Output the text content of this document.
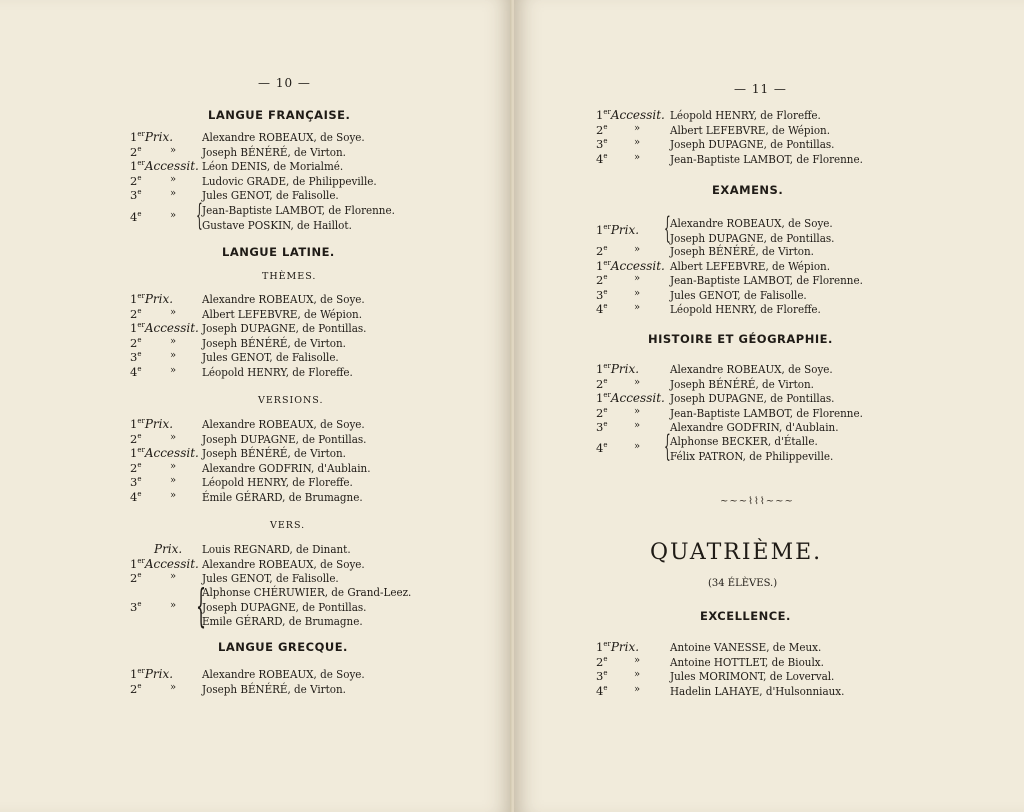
— 10 —
LANGUE FRANÇAISE.
1erPrix.	Alexandre ROBEAUX, de Soye.
2e	» Joseph BÉNÉRÉ, de Virton.
1erAccessit. Léon DENIS, de Morialmé.
2e	» Ludovic GRADE, de Philippeville.
3e	» Jules GENOT, de Falisolle.
4e	» { Jean-Baptiste LAMBOT, de Florenne.
Gustave POSKIN, de Haillot.
LANGUE LATINE.
THÈMES.
1erPrix.	Alexandre ROBEAUX, de Soye.
2e	» Albert LEFEBVRE, de Wépion.
1erAccessit. Joseph DUPAGNE, de Pontillas.
2e	» Joseph BÉNÉRÉ, de Virton.
3e	» Jules GENOT, de Falisolle.
4e	» Léopold HENRY, de Floreffe.
VERSIONS.
1erPrix.	Alexandre ROBEAUX, de Soye.
2e	» Joseph DUPAGNE, de Pontillas.
1erAccessit. Joseph BÉNÉRÉ, de Virton.
2e	» Alexandre GODFRIN, d'Aublain.
3e	» Léopold HENRY, de Floreffe.
4e	» Émile GÉRARD, de Brumagne.
VERS.
Prix. Louis REGNARD, de Dinant.
1erAccessit. Alexandre ROBEAUX, de Soye.
2e	» Jules GENOT, de Falisolle.
3e	» {
Alphonse CHÉRUWIER, de Grand-Leez.
Joseph DUPAGNE, de Pontillas.
Emile GÉRARD, de Brumagne.
LANGUE GRECQUE.
1erPrix.	Alexandre ROBEAUX, de Soye.
2e	» Joseph BÉNÉRÉ, de Virton.
— 11 —
1erAccessit. Léopold HENRY, de Floreffe.
2e	»	Albert LEFEBVRE, de Wépion.
3e	»	Joseph DUPAGNE, de Pontillas.
4e	»	Jean-Baptiste LAMBOT, de Florenne.
EXAMENS.
1erPrix. { Alexandre ROBEAUX, de Soye.
Joseph DUPAGNE, de Pontillas.
2e	»	Joseph BÉNÉRÉ, de Virton.
1erAccessit. Albert LEFEBVRE, de Wépion.
2e	»	Jean-Baptiste LAMBOT, de Florenne.
3e	»	Jules GENOT, de Falisolle.
4e	»	Léopold HENRY, de Floreffe.
HISTOIRE ET GÉOGRAPHIE.
1erPrix.	Alexandre ROBEAUX, de Soye.
2e	»	Joseph BÉNÉRÉ, de Virton.
1erAccessit. Joseph DUPAGNE, de Pontillas.
2e	»	Jean-Baptiste LAMBOT, de Florenne.
3e	»	Alexandre GODFRIN, d'Aublain.
4e	» { Alphonse BECKER, d'Étalle.
Félix PATRON, de Philippeville.
~~~⌇⌇⌇~~~
QUATRIÈME.
(34 ÉLÈVES.)
EXCELLENCE.
1erPrix.	Antoine VANESSE, de Meux.
2e	»	Antoine HOTTLET, de Bioulx.
3e	»	Jules MORIMONT, de Loverval.
4e	»	Hadelin LAHAYE, d'Hulsonniaux.
